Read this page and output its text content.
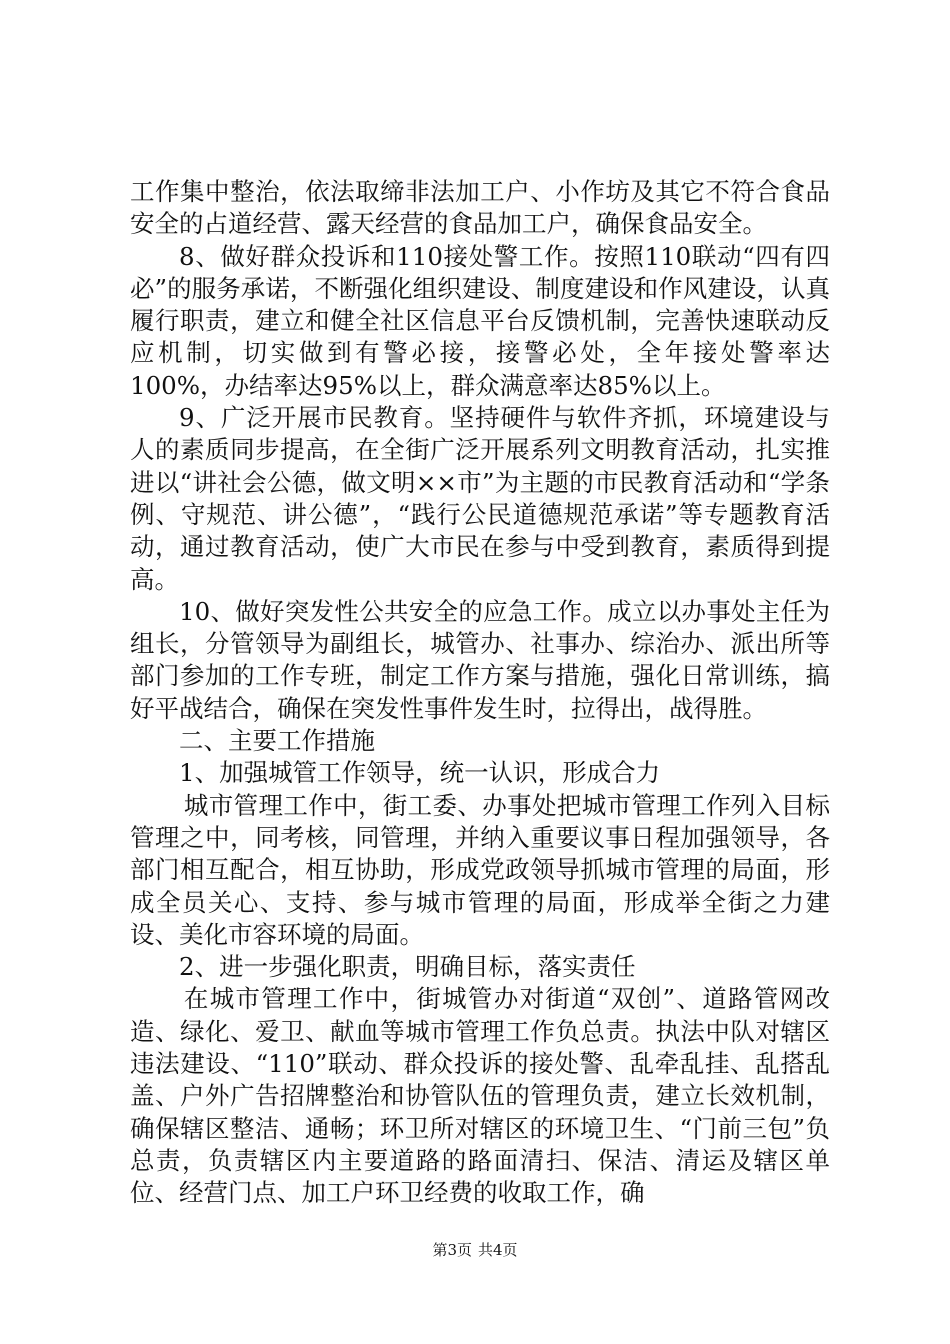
工作集中整治，依法取缔非法加工户、小作坊及其它不符合食品安全的占道经营、露天经营的食品加工户，确保食品安全。

8、做好群众投诉和110接处警工作。按照110联动“四有四必”的服务承诺，不断强化组织建设、制度建设和作风建设，认真履行职责，建立和健全社区信息平台反馈机制，完善快速联动反应机制，切实做到有警必接，接警必处，全年接处警率达100%，办结率达95%以上，群众满意率达85%以上。

9、广泛开展市民教育。坚持硬件与软件齐抓，环境建设与人的素质同步提高，在全街广泛开展系列文明教育活动，扎实推进以“讲社会公德，做文明××市”为主题的市民教育活动和“学条例、守规范、讲公德”，“践行公民道德规范承诺”等专题教育活动，通过教育活动，使广大市民在参与中受到教育，素质得到提高。

10、做好突发性公共安全的应急工作。成立以办事处主任为组长，分管领导为副组长，城管办、社事办、综治办、派出所等部门参加的工作专班，制定工作方案与措施，强化日常训练，搞好平战结合，确保在突发性事件发生时，拉得出，战得胜。

二、主要工作措施

1、加强城管工作领导，统一认识，形成合力

城市管理工作中，街工委、办事处把城市管理工作列入目标管理之中，同考核，同管理，并纳入重要议事日程加强领导，各部门相互配合，相互协助，形成党政领导抓城市管理的局面，形成全员关心、支持、参与城市管理的局面，形成举全街之力建设、美化市容环境的局面。

2、进一步强化职责，明确目标，落实责任

在城市管理工作中，街城管办对街道“双创”、道路管网改造、绿化、爱卫、献血等城市管理工作负总责。执法中队对辖区违法建设、“110”联动、群众投诉的接处警、乱牵乱挂、乱搭乱盖、户外广告招牌整治和协管队伍的管理负责，建立长效机制，确保辖区整洁、通畅；环卫所对辖区的环境卫生、“门前三包”负总责，负责辖区内主要道路的路面清扫、保洁、清运及辖区单位、经营门点、加工户环卫经费的收取工作，确

第3页 共4页
